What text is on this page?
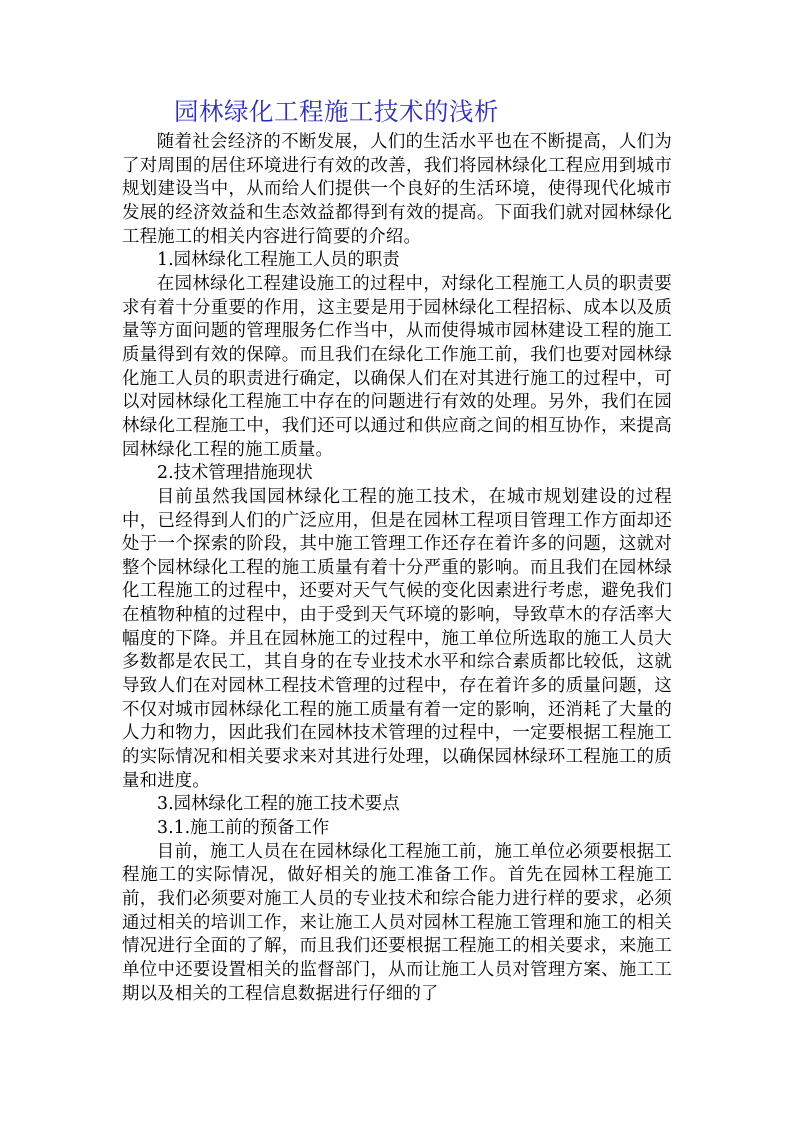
园林绿化工程施工技术的浅析

随着社会经济的不断发展，人们的生活水平也在不断提高，人们为了对周围的居住环境进行有效的改善，我们将园林绿化工程应用到城市规划建设当中，从而给人们提供一个良好的生活环境，使得现代化城市发展的经济效益和生态效益都得到有效的提高。下面我们就对园林绿化工程施工的相关内容进行简要的介绍。

1.园林绿化工程施工人员的职责

在园林绿化工程建设施工的过程中，对绿化工程施工人员的职责要求有着十分重要的作用，这主要是用于园林绿化工程招标、成本以及质量等方面问题的管理服务仁作当中，从而使得城市园林建设工程的施工质量得到有效的保障。而且我们在绿化工作施工前，我们也要对园林绿化施工人员的职责进行确定，以确保人们在对其进行施工的过程中，可以对园林绿化工程施工中存在的问题进行有效的处理。另外，我们在园林绿化工程施工中，我们还可以通过和供应商之间的相互协作，来提高园林绿化工程的施工质量。

2.技术管理措施现状

目前虽然我国园林绿化工程的施工技术，在城市规划建设的过程中，已经得到人们的广泛应用，但是在园林工程项目管理工作方面却还处于一个探索的阶段，其中施工管理工作还存在着许多的问题，这就对整个园林绿化工程的施工质量有着十分严重的影响。而且我们在园林绿化工程施工的过程中，还要对天气气候的变化因素进行考虑，避免我们在植物种植的过程中，由于受到天气环境的影响，导致草木的存活率大幅度的下降。并且在园林施工的过程中，施工单位所选取的施工人员大多数都是农民工，其自身的在专业技术水平和综合素质都比较低，这就导致人们在对园林工程技术管理的过程中，存在着许多的质量问题，这不仅对城市园林绿化工程的施工质量有着一定的影响，还消耗了大量的人力和物力，因此我们在园林技术管理的过程中，一定要根据工程施工的实际情况和相关要求来对其进行处理，以确保园林绿环工程施工的质量和进度。

3.园林绿化工程的施工技术要点

3.1.施工前的预备工作

目前，施工人员在在园林绿化工程施工前，施工单位必须要根据工程施工的实际情况，做好相关的施工准备工作。首先在园林工程施工前，我们必须要对施工人员的专业技术和综合能力进行样的要求，必须通过相关的培训工作，来让施工人员对园林工程施工管理和施工的相关情况进行全面的了解，而且我们还要根据工程施工的相关要求，来施工单位中还要设置相关的监督部门，从而让施工人员对管理方案、施工工期以及相关的工程信息数据进行仔细的了
